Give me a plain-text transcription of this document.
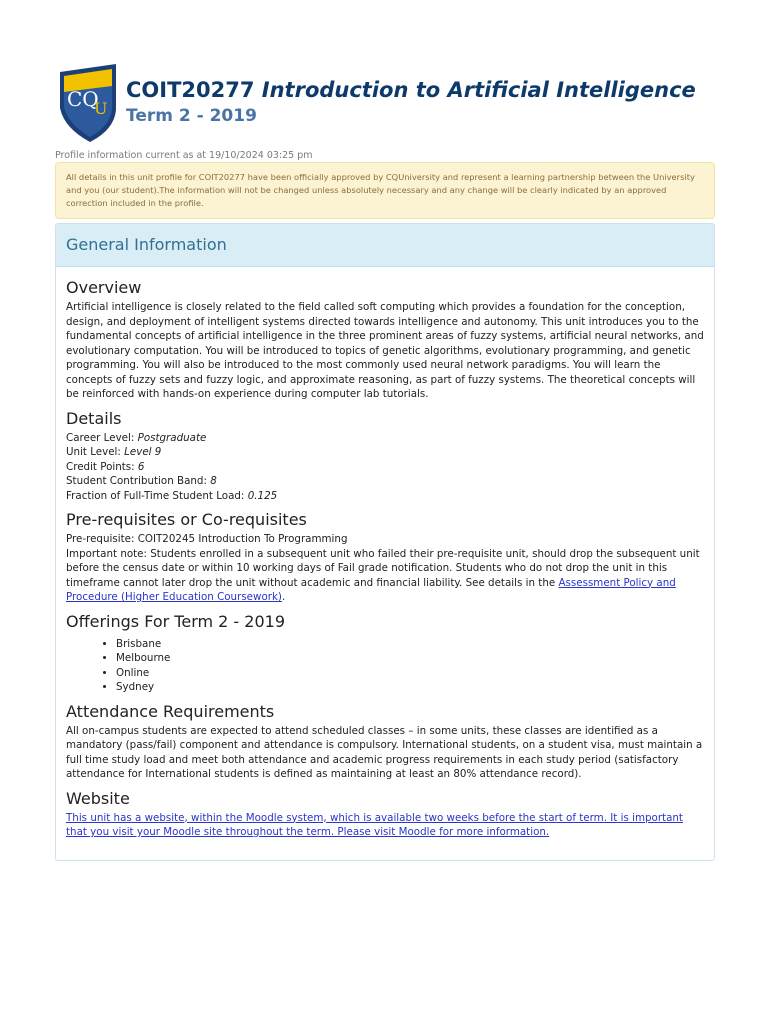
CQ
U
COIT20277 Introduction to Artificial Intelligence
Term 2 - 2019
Profile information current as at 19/10/2024 03:25 pm
All details in this unit profile for COIT20277 have been officially approved by CQUniversity and represent a learning partnership between the University and you (our student).The information will not be changed unless absolutely necessary and any change will be clearly indicated by an approved correction included in the profile.
General Information
Overview

Artificial intelligence is closely related to the field called soft computing which provides a foundation for the conception, design, and deployment of intelligent systems directed towards intelligence and autonomy. This unit introduces you to the fundamental concepts of artificial intelligence in the three prominent areas of fuzzy systems, artificial neural networks, and evolutionary computation. You will be introduced to topics of genetic algorithms, evolutionary programming, and genetic programming. You will also be introduced to the most commonly used neural network paradigms. You will learn the concepts of fuzzy sets and fuzzy logic, and approximate reasoning, as part of fuzzy systems. The theoretical concepts will be reinforced with hands-on experience during computer lab tutorials.

Details
Career Level: Postgraduate
Unit Level: Level 9
Credit Points: 6
Student Contribution Band: 8
Fraction of Full-Time Student Load: 0.125
Pre-requisites or Co-requisites

Pre-requisite: COIT20245 Introduction To Programming

Important note: Students enrolled in a subsequent unit who failed their pre-requisite unit, should drop the subsequent unit before the census date or within 10 working days of Fail grade notification. Students who do not drop the unit in this timeframe cannot later drop the unit without academic and financial liability. See details in the Assessment Policy and Procedure (Higher Education Coursework).

Offerings For Term 2 - 2019
• Brisbane
• Melbourne
• Online
• Sydney
Attendance Requirements

All on-campus students are expected to attend scheduled classes – in some units, these classes are identified as a mandatory (pass/fail) component and attendance is compulsory. International students, on a student visa, must maintain a full time study load and meet both attendance and academic progress requirements in each study period (satisfactory attendance for International students is defined as maintaining at least an 80% attendance record).

Website

This unit has a website, within the Moodle system, which is available two weeks before the start of term. It is important that you visit your Moodle site throughout the term. Please visit Moodle for more information.
